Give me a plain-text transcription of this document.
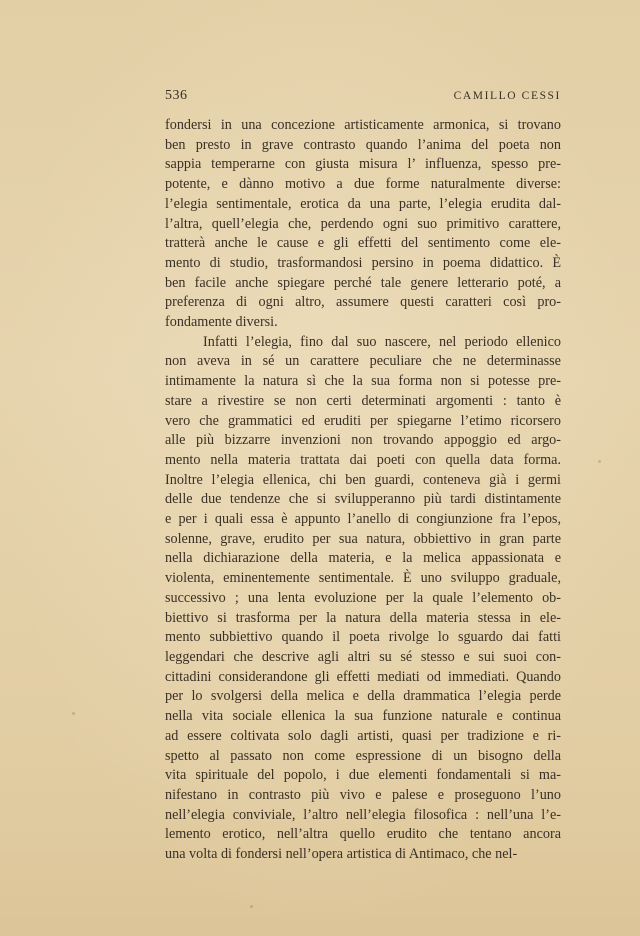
536	CAMILLO CESSI
fondersi in una concezione artisticamente armonica, si trovano
ben presto in grave contrasto quando l’anima del poeta non
sappia temperarne con giusta misura l’ influenza, spesso pre-
potente, e dànno motivo a due forme naturalmente diverse:
l’elegia sentimentale, erotica da una parte, l’elegia erudita dal-
l’altra, quell’elegia che, perdendo ogni suo primitivo carattere,
tratterà anche le cause e gli effetti del sentimento come ele-
mento di studio, trasformandosi persino in poema didattico. È
ben facile anche spiegare perché tale genere letterario poté, a
preferenza di ogni altro, assumere questi caratteri così pro-
fondamente diversi.
Infatti l’elegia, fino dal suo nascere, nel periodo ellenico
non aveva in sé un carattere peculiare che ne determinasse
intimamente la natura sì che la sua forma non si potesse pre-
stare a rivestire se non certi determinati argomenti : tanto è
vero che grammatici ed eruditi per spiegarne l’etimo ricorsero
alle più bizzarre invenzioni non trovando appoggio ed argo-
mento nella materia trattata dai poeti con quella data forma.
Inoltre l’elegia ellenica, chi ben guardi, conteneva già i germi
delle due tendenze che si svilupperanno più tardi distintamente
e per i quali essa è appunto l’anello di congiunzione fra l’epos,
solenne, grave, erudito per sua natura, obbiettivo in gran parte
nella dichiarazione della materia, e la melica appassionata e
violenta, eminentemente sentimentale. È uno sviluppo graduale,
successivo ; una lenta evoluzione per la quale l’elemento ob-
biettivo si trasforma per la natura della materia stessa in ele-
mento subbiettivo quando il poeta rivolge lo sguardo dai fatti
leggendari che descrive agli altri su sé stesso e sui suoi con-
cittadini considerandone gli effetti mediati od immediati. Quando
per lo svolgersi della melica e della drammatica l’elegia perde
nella vita sociale ellenica la sua funzione naturale e continua
ad essere coltivata solo dagli artisti, quasi per tradizione e ri-
spetto al passato non come espressione di un bisogno della
vita spirituale del popolo, i due elementi fondamentali si ma-
nifestano in contrasto più vivo e palese e proseguono l’uno
nell’elegia conviviale, l’altro nell’elegia filosofica : nell’una l’e-
lemento erotico, nell’altra quello erudito che tentano ancora
una volta di fondersi nell’opera artistica di Antimaco, che nel-
